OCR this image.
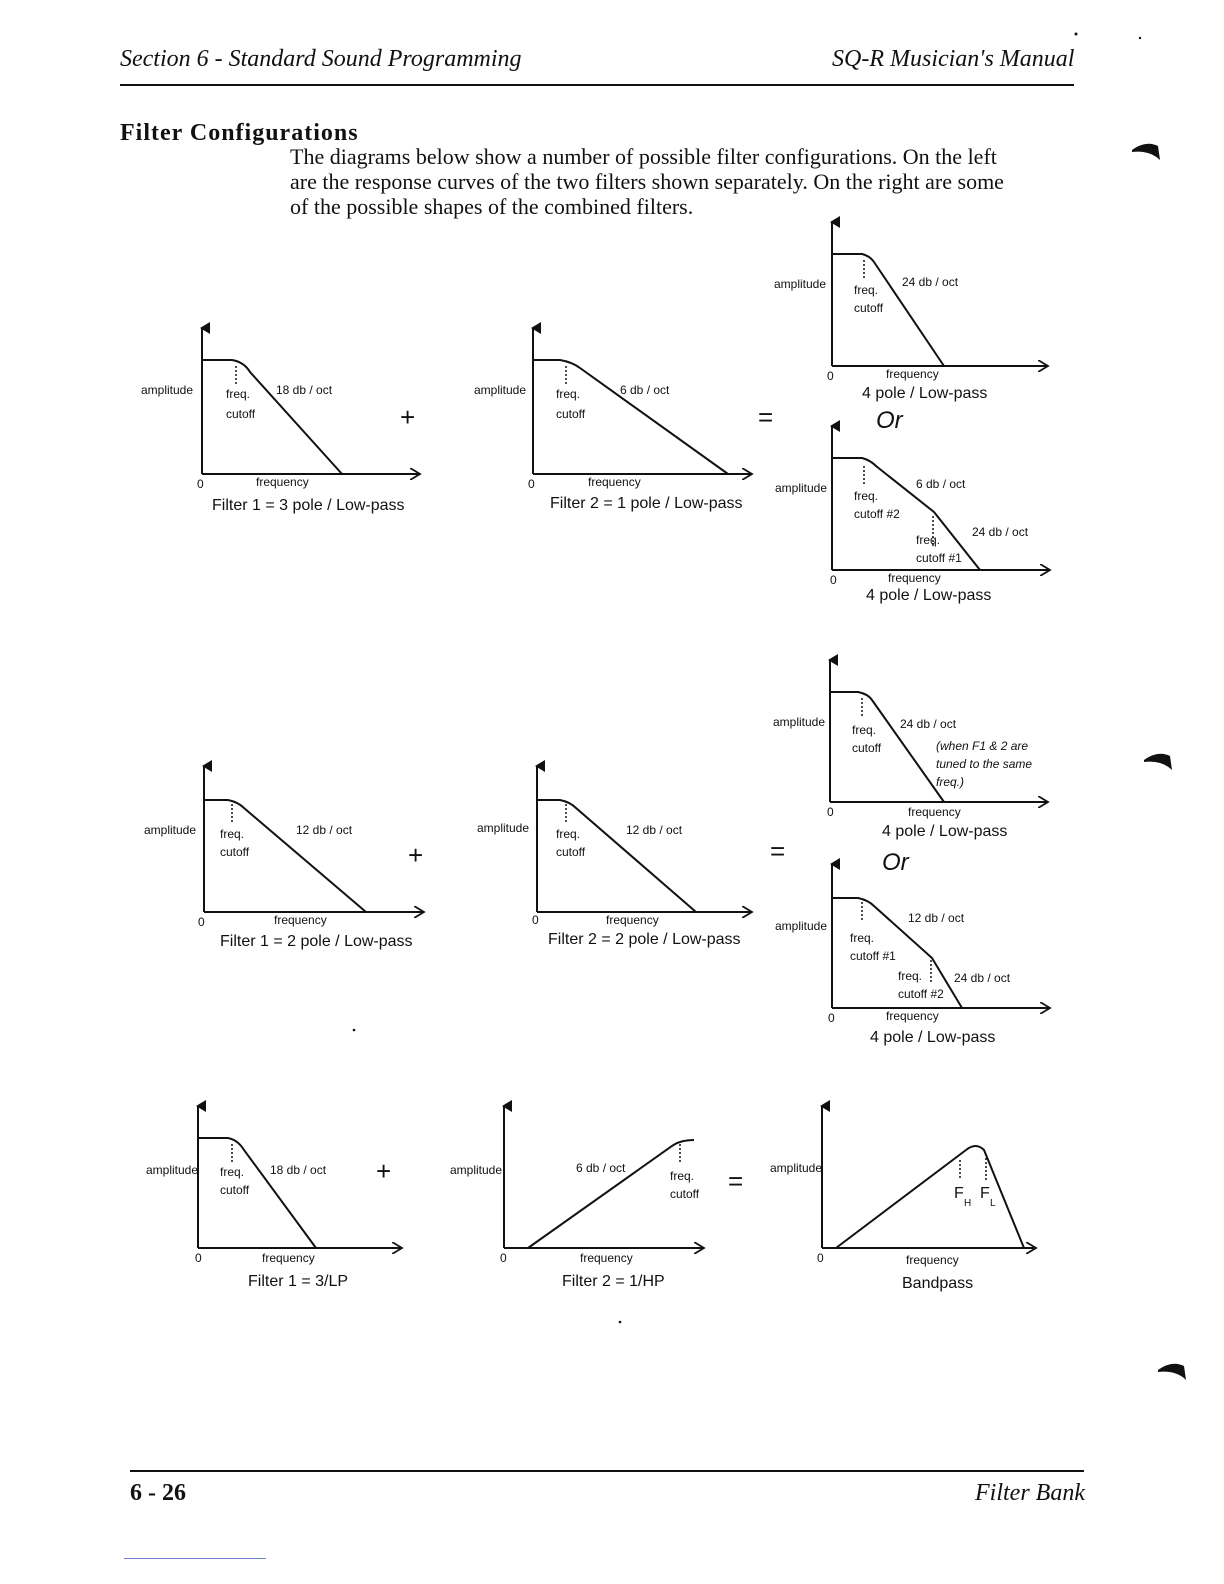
Section 6 - Standard Sound Programming	SQ-R Musician's Manual
Filter Configurations
The diagrams below show a number of possible filter configurations. On the left
are the response curves of the two filters shown separately. On the right are some
of the possible shapes of the combined filters.
amplitude
0	frequency
freq.
cutoff
18 db / oct
Filter 1 = 3 pole / Low-pass
+
amplitude
0	frequency
freq.
cutoff
6 db / oct
Filter 2 = 1 pole / Low-pass
=
amplitude
0	frequency
freq.
cutoff
24 db / oct
4 pole / Low-pass
Or
amplitude
0	frequency
freq.
cutoff #2
6 db / oct
freq.
cutoff #1
24 db / oct
4 pole / Low-pass
amplitude
0	frequency
freq.
cutoff
12 db / oct
Filter 1 = 2 pole / Low-pass
+
amplitude
0	frequency
freq.
cutoff
12 db / oct
Filter 2 = 2 pole / Low-pass
=
amplitude
0	frequency
freq.
cutoff
24 db / oct
(when F1 & 2 are
tuned to the same
freq.)
4 pole / Low-pass
Or
amplitude
0	frequency
freq.
cutoff #1
12 db / oct
freq.
cutoff #2
24 db / oct
4 pole / Low-pass
amplitude
0	frequency
freq.
cutoff
18 db / oct
Filter 1 = 3/LP
+	amplitude
0	frequency
6 db / oct
freq.
cutoff
Filter 2 = 1/HP
= amplitude
0	frequency
F
H
F
L
Bandpass
6 - 26	Filter Bank
